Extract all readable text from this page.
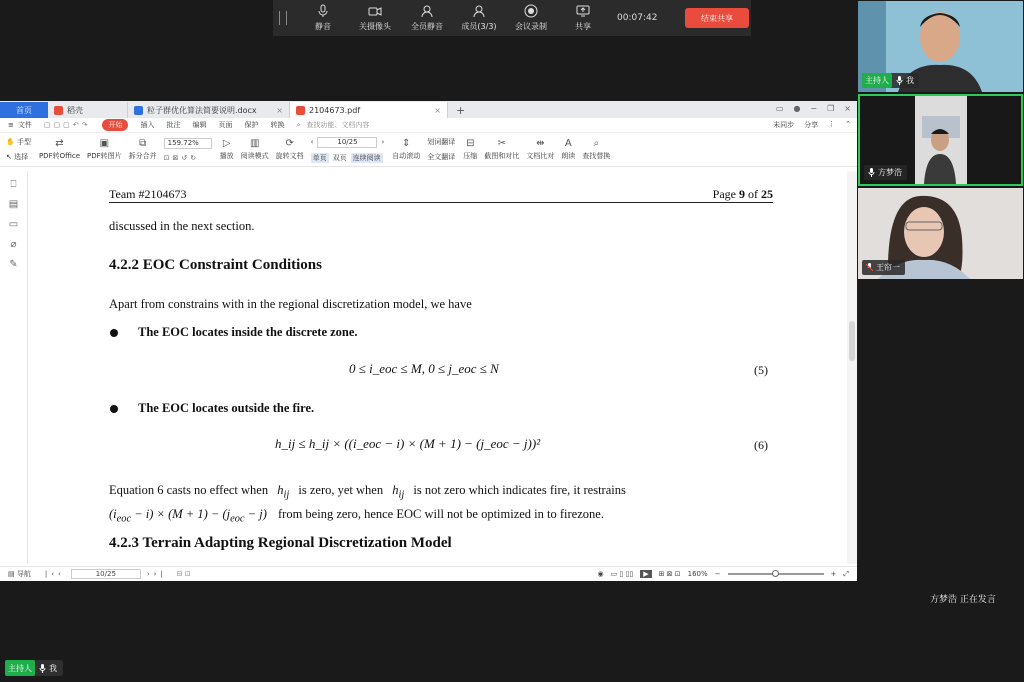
静音	关摄像头	全员静音 成员(3/3) 会议录制	共享
00:07:42	结束共享
主持人	我
方梦浩
王帘一
方梦浩 正在发言
主持人	我
首页	稻壳	粒子群优化算法简要说明.docx ×	2104673.pdf	×	+	▭ ● − ❐ ×
≡ 文件 ▢▢▢↶↷	开始	插入 批注 编辑 页面 保护 转换 ⌕ 查找功能、文档内容	未同步 分享 ⋮ ⌃
✋ 手型
↖ 选择
⇄
PDF转Office
▣
PDF转图片
⧉
拆分合并
159.72%
⊡⊠↺↻
▷
播放
▥
阅读模式
⟳
旋转文档
‹	10/25	›
单页 双页 连续阅读
⇕
自动滚动
划词翻译
全文翻译
⊟
压缩
✂
截图和对比
⇹
文档比对
A
朗读
⌕
查找替换
⎕
▤
▭
⌀
✎
Team #2104673	Page 9 of 25
discussed in the next section.
4.2.2 EOC Constraint Conditions
Apart from constrains with in the regional discretization model, we have
The EOC locates inside the discrete zone.
0 ≤ i_eoc ≤ M, 0 ≤ j_eoc ≤ N	(5)
The EOC locates outside the fire.
h_ij ≤ h_ij × ((i_eoc − i) × (M + 1) − (j_eoc − j))²	(6)
Equation 6 casts no effect when $h_{ij}$ is zero, yet when $h_{ij}$ is not zero which indicates fire, it restrains
$(i_{eoc} - i) \times (M + 1) - (j_{eoc} - j)$ from being zero, hence EOC will not be optimized in to firezone.
4.2.3 Terrain Adapting Regional Discretization Model
▤ 导航 |‹‹	10/25	››| ⊟ ⊡	◉ ▭ ▯ ▯▯	▶	⊞ ⊠ ⊡ 160% −	+ ⤢
